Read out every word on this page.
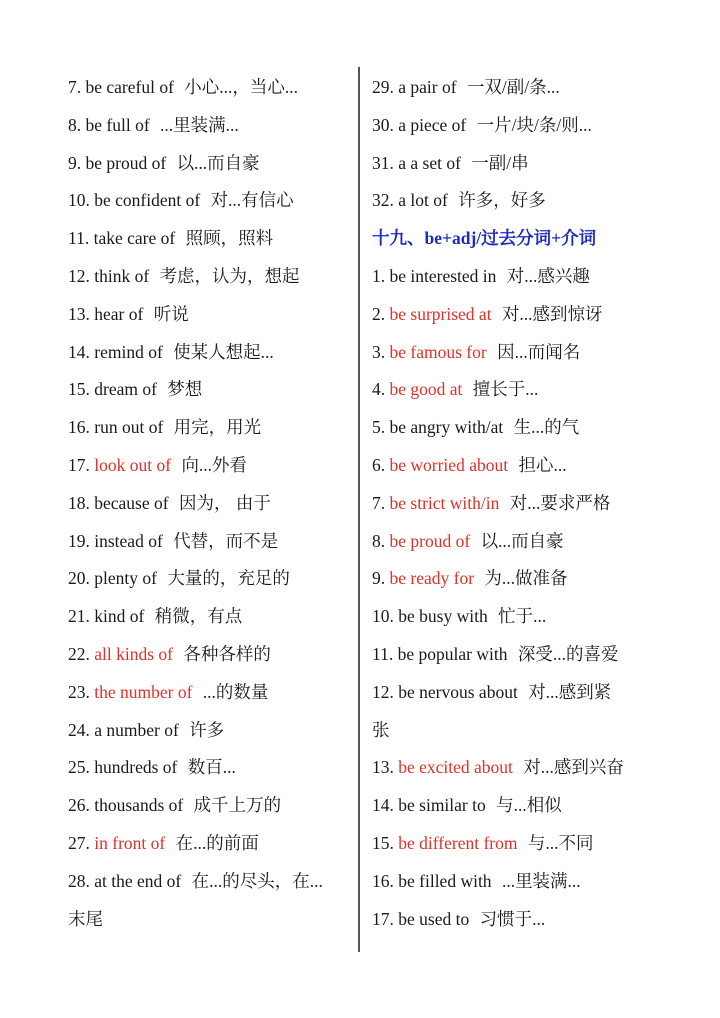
7. be careful of 小心...，当心...
8. be full of ...里装满...
9. be proud of 以...而自豪
10. be confident of 对...有信心
11. take care of 照顾，照料
12. think of 考虑，认为，想起
13. hear of 听说
14. remind of 使某人想起...
15. dream of 梦想
16. run out of 用完，用光
17. look out of 向...外看
18. because of 因为， 由于
19. instead of 代替，而不是
20. plenty of 大量的，充足的
21. kind of 稍微，有点
22. all kinds of 各种各样的
23. the number of ...的数量
24. a number of 许多
25. hundreds of 数百...
26. thousands of 成千上万的
27. in front of 在...的前面
28. at the end of 在...的尽头，在...
末尾
29. a pair of 一双/副/条...
30. a piece of 一片/块/条/则...
31. a a set of 一副/串
32. a lot of 许多，好多
十九、be+adj/过去分词+介词
1. be interested in 对...感兴趣
2. be surprised at 对...感到惊讶
3. be famous for 因...而闻名
4. be good at 擅长于...
5. be angry with/at 生...的气
6. be worried about 担心...
7. be strict with/in 对...要求严格
8. be proud of 以...而自豪
9. be ready for 为...做准备
10. be busy with 忙于...
11. be popular with 深受...的喜爱
12. be nervous about 对...感到紧
张
13. be excited about 对...感到兴奋
14. be similar to 与...相似
15. be different from 与...不同
16. be filled with ...里装满...
17. be used to 习惯于...
